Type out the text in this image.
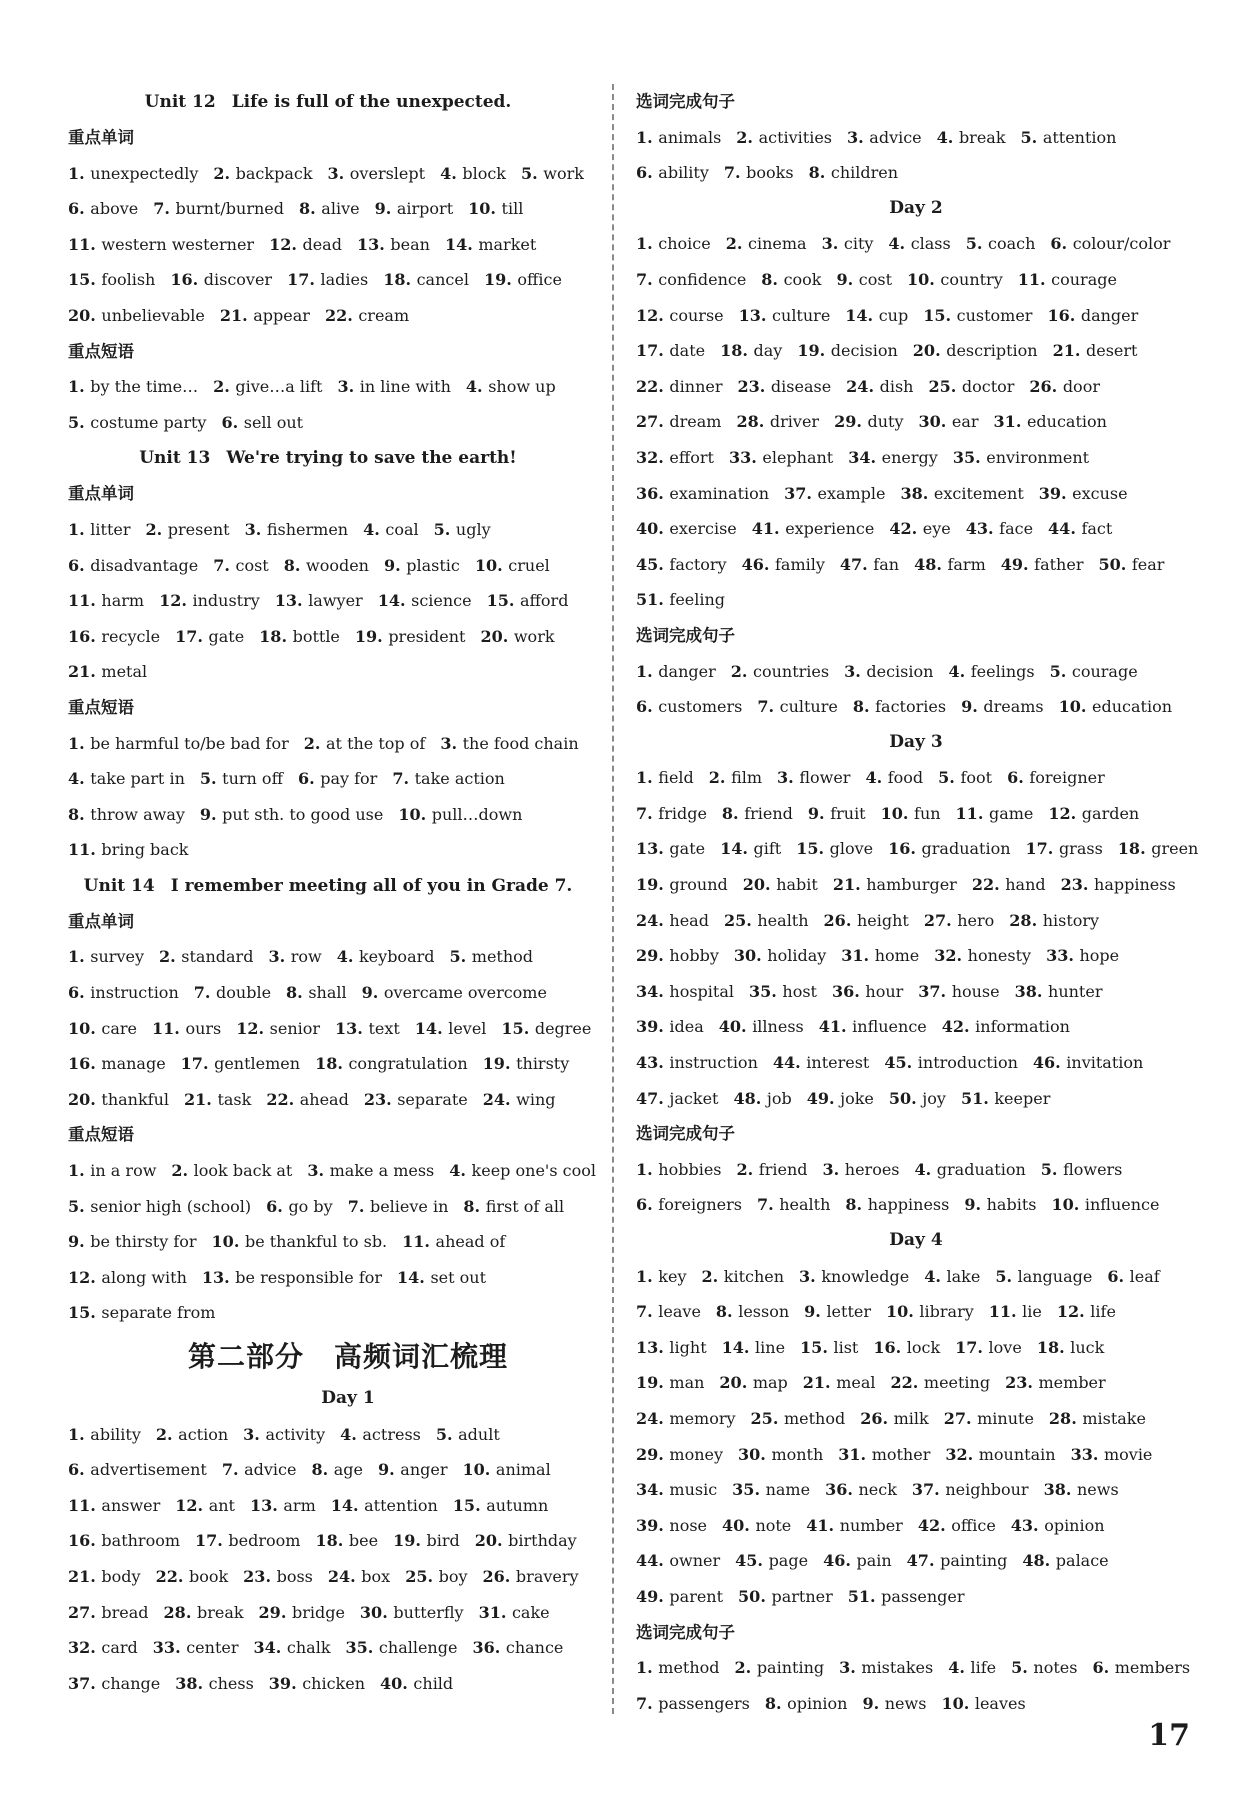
Unit 12 Life is full of the unexpected.
重点单词
1. unexpectedly 2. backpack 3. overslept 4. block 5. work
6. above 7. burnt/burned 8. alive 9. airport 10. till
11. western westerner 12. dead 13. bean 14. market
15. foolish 16. discover 17. ladies 18. cancel 19. office
20. unbelievable 21. appear 22. cream
重点短语
1. by the time… 2. give…a lift 3. in line with 4. show up
5. costume party 6. sell out
Unit 13 We're trying to save the earth!
重点单词
1. litter 2. present 3. fishermen 4. coal 5. ugly
6. disadvantage 7. cost 8. wooden 9. plastic 10. cruel
11. harm 12. industry 13. lawyer 14. science 15. afford
16. recycle 17. gate 18. bottle 19. president 20. work
21. metal
重点短语
1. be harmful to/be bad for 2. at the top of 3. the food chain
4. take part in 5. turn off 6. pay for 7. take action
8. throw away 9. put sth. to good use 10. pull…down
11. bring back
Unit 14 I remember meeting all of you in Grade 7.
重点单词
1. survey 2. standard 3. row 4. keyboard 5. method
6. instruction 7. double 8. shall 9. overcame overcome
10. care 11. ours 12. senior 13. text 14. level 15. degree
16. manage 17. gentlemen 18. congratulation 19. thirsty
20. thankful 21. task 22. ahead 23. separate 24. wing
重点短语
1. in a row 2. look back at 3. make a mess 4. keep one's cool
5. senior high (school) 6. go by 7. believe in 8. first of all
9. be thirsty for 10. be thankful to sb. 11. ahead of
12. along with 13. be responsible for 14. set out
15. separate from
第二部分 高频词汇梳理
Day 1
1. ability 2. action 3. activity 4. actress 5. adult
6. advertisement 7. advice 8. age 9. anger 10. animal
11. answer 12. ant 13. arm 14. attention 15. autumn
16. bathroom 17. bedroom 18. bee 19. bird 20. birthday
21. body 22. book 23. boss 24. box 25. boy 26. bravery
27. bread 28. break 29. bridge 30. butterfly 31. cake
32. card 33. center 34. chalk 35. challenge 36. chance
37. change 38. chess 39. chicken 40. child
选词完成句子
1. animals 2. activities 3. advice 4. break 5. attention
6. ability 7. books 8. children
Day 2
1. choice 2. cinema 3. city 4. class 5. coach 6. colour/color
7. confidence 8. cook 9. cost 10. country 11. courage
12. course 13. culture 14. cup 15. customer 16. danger
17. date 18. day 19. decision 20. description 21. desert
22. dinner 23. disease 24. dish 25. doctor 26. door
27. dream 28. driver 29. duty 30. ear 31. education
32. effort 33. elephant 34. energy 35. environment
36. examination 37. example 38. excitement 39. excuse
40. exercise 41. experience 42. eye 43. face 44. fact
45. factory 46. family 47. fan 48. farm 49. father 50. fear
51. feeling
选词完成句子
1. danger 2. countries 3. decision 4. feelings 5. courage
6. customers 7. culture 8. factories 9. dreams 10. education
Day 3
1. field 2. film 3. flower 4. food 5. foot 6. foreigner
7. fridge 8. friend 9. fruit 10. fun 11. game 12. garden
13. gate 14. gift 15. glove 16. graduation 17. grass 18. green
19. ground 20. habit 21. hamburger 22. hand 23. happiness
24. head 25. health 26. height 27. hero 28. history
29. hobby 30. holiday 31. home 32. honesty 33. hope
34. hospital 35. host 36. hour 37. house 38. hunter
39. idea 40. illness 41. influence 42. information
43. instruction 44. interest 45. introduction 46. invitation
47. jacket 48. job 49. joke 50. joy 51. keeper
选词完成句子
1. hobbies 2. friend 3. heroes 4. graduation 5. flowers
6. foreigners 7. health 8. happiness 9. habits 10. influence
Day 4
1. key 2. kitchen 3. knowledge 4. lake 5. language 6. leaf
7. leave 8. lesson 9. letter 10. library 11. lie 12. life
13. light 14. line 15. list 16. lock 17. love 18. luck
19. man 20. map 21. meal 22. meeting 23. member
24. memory 25. method 26. milk 27. minute 28. mistake
29. money 30. month 31. mother 32. mountain 33. movie
34. music 35. name 36. neck 37. neighbour 38. news
39. nose 40. note 41. number 42. office 43. opinion
44. owner 45. page 46. pain 47. painting 48. palace
49. parent 50. partner 51. passenger
选词完成句子
1. method 2. painting 3. mistakes 4. life 5. notes 6. members
7. passengers 8. opinion 9. news 10. leaves
17
